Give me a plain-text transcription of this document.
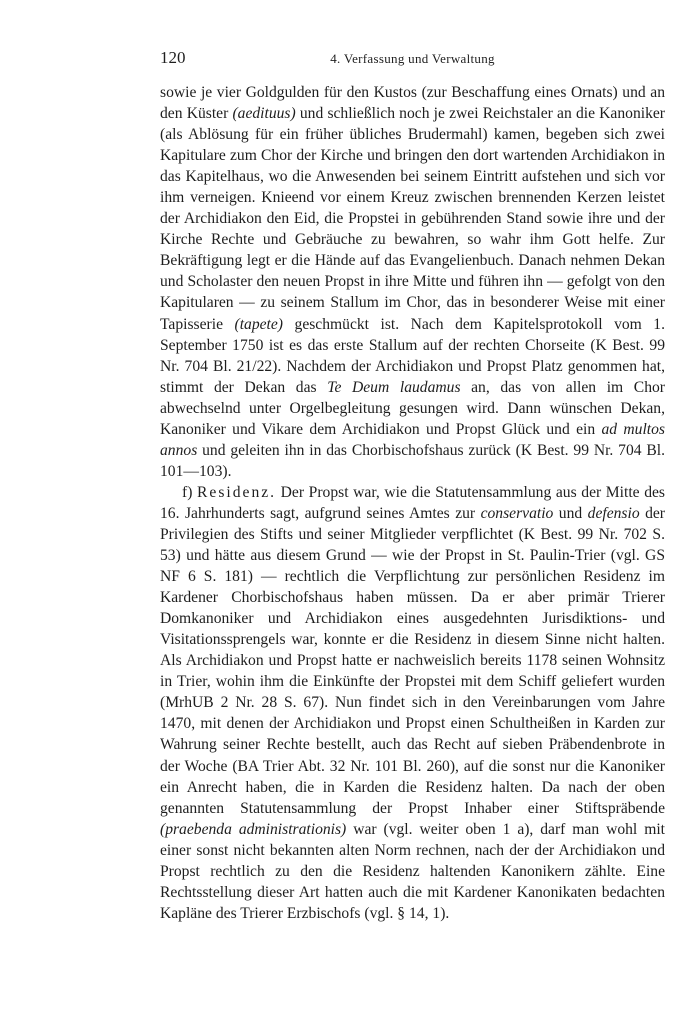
120	4. Verfassung und Verwaltung

sowie je vier Goldgulden für den Kustos (zur Beschaffung eines Ornats) und an den Küster (aedituus) und schließlich noch je zwei Reichstaler an die Kanoniker (als Ablösung für ein früher übliches Brudermahl) kamen, begeben sich zwei Kapitulare zum Chor der Kirche und bringen den dort wartenden Archidiakon in das Kapitelhaus, wo die Anwesenden bei seinem Eintritt aufstehen und sich vor ihm verneigen. Knieend vor einem Kreuz zwischen brennenden Kerzen leistet der Archidiakon den Eid, die Propstei in gebührenden Stand sowie ihre und der Kirche Rechte und Gebräuche zu bewahren, so wahr ihm Gott helfe. Zur Bekräftigung legt er die Hände auf das Evangelienbuch. Danach nehmen Dekan und Scholaster den neuen Propst in ihre Mitte und führen ihn — gefolgt von den Kapitularen — zu seinem Stallum im Chor, das in besonderer Weise mit einer Tapisserie (tapete) geschmückt ist. Nach dem Kapitelsprotokoll vom 1. September 1750 ist es das erste Stallum auf der rechten Chorseite (K Best. 99 Nr. 704 Bl. 21/22). Nachdem der Archidiakon und Propst Platz genommen hat, stimmt der Dekan das Te Deum laudamus an, das von allen im Chor abwechselnd unter Orgelbegleitung gesungen wird. Dann wünschen Dekan, Kanoniker und Vikare dem Archidiakon und Propst Glück und ein ad multos annos und geleiten ihn in das Chorbischofshaus zurück (K Best. 99 Nr. 704 Bl. 101—103).

f) Residenz. Der Propst war, wie die Statutensammlung aus der Mitte des 16. Jahrhunderts sagt, aufgrund seines Amtes zur conservatio und defensio der Privilegien des Stifts und seiner Mitglieder verpflichtet (K Best. 99 Nr. 702 S. 53) und hätte aus diesem Grund — wie der Propst in St. Paulin-Trier (vgl. GS NF 6 S. 181) — rechtlich die Verpflichtung zur persönlichen Residenz im Kardener Chorbischofshaus haben müssen. Da er aber primär Trierer Domkanoniker und Archidiakon eines ausgedehnten Jurisdiktions- und Visitationssprengels war, konnte er die Residenz in diesem Sinne nicht halten. Als Archidiakon und Propst hatte er nachweislich bereits 1178 seinen Wohnsitz in Trier, wohin ihm die Einkünfte der Propstei mit dem Schiff geliefert wurden (MrhUB 2 Nr. 28 S. 67). Nun findet sich in den Vereinbarungen vom Jahre 1470, mit denen der Archidiakon und Propst einen Schultheißen in Karden zur Wahrung seiner Rechte bestellt, auch das Recht auf sieben Präbendenbrote in der Woche (BA Trier Abt. 32 Nr. 101 Bl. 260), auf die sonst nur die Kanoniker ein Anrecht haben, die in Karden die Residenz halten. Da nach der oben genannten Statutensammlung der Propst Inhaber einer Stiftspräbende (praebenda administrationis) war (vgl. weiter oben 1 a), darf man wohl mit einer sonst nicht bekannten alten Norm rechnen, nach der der Archidiakon und Propst rechtlich zu den die Residenz haltenden Kanonikern zählte. Eine Rechtsstellung dieser Art hatten auch die mit Kardener Kanonikaten bedachten Kapläne des Trierer Erzbischofs (vgl. § 14, 1).
